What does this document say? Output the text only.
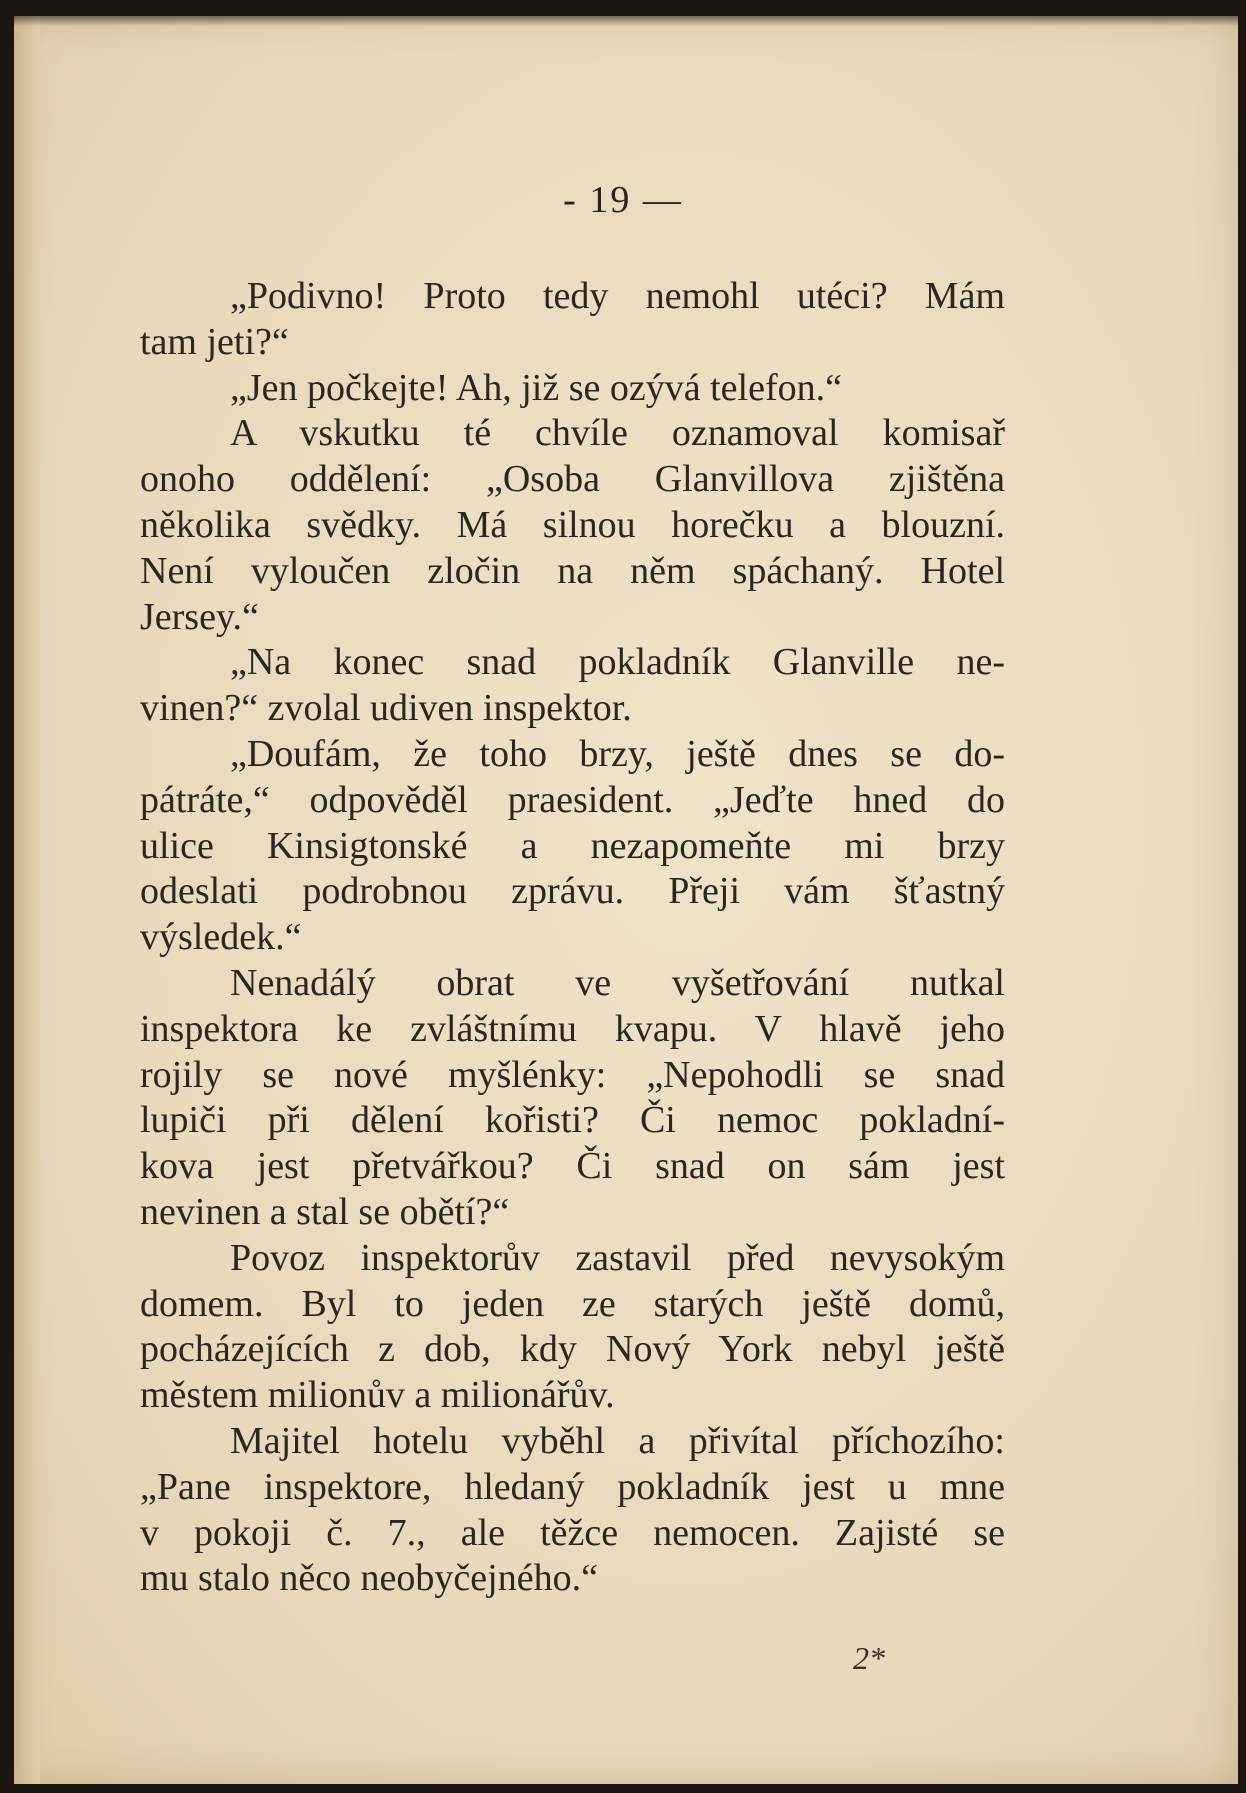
- 19 —
„Podivno! Proto tedy nemohl utéci? Mám
tam jeti?“
„Jen počkejte! Ah, již se ozývá telefon.“
A vskutku té chvíle oznamoval komisař
onoho oddělení: „Osoba Glanvillova zjištěna
několika svědky. Má silnou horečku a blouzní.
Není vyloučen zločin na něm spáchaný. Hotel
Jersey.“
„Na konec snad pokladník Glanville ne-
vinen?“ zvolal udiven inspektor.
„Doufám, že toho brzy, ještě dnes se do-
pátráte,“ odpověděl praesident. „Jeďte hned do
ulice Kinsigtonské a nezapomeňte mi brzy
odeslati podrobnou zprávu. Přeji vám šťastný
výsledek.“
Nenadálý obrat ve vyšetřování nutkal
inspektora ke zvláštnímu kvapu. V hlavě jeho
rojily se nové myšlénky: „Nepohodli se snad
lupiči při dělení kořisti? Či nemoc pokladní-
kova jest přetvářkou? Či snad on sám jest
nevinen a stal se obětí?“
Povoz inspektorův zastavil před nevysokým
domem. Byl to jeden ze starých ještě domů,
pocházejících z dob, kdy Nový York nebyl ještě
městem milionův a milionářův.
Majitel hotelu vyběhl a přivítal příchozího:
„Pane inspektore, hledaný pokladník jest u mne
v pokoji č. 7., ale těžce nemocen. Zajisté se
mu stalo něco neobyčejného.“
2*
